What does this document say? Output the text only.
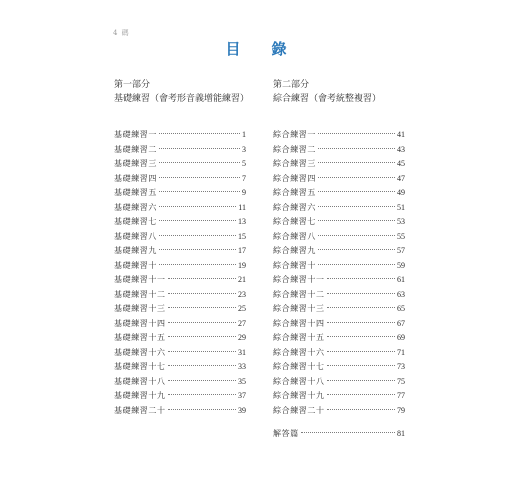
4 碼
目　錄
第一部分
基礎練習（會考形音義增能練習）
基礎練習一	1
基礎練習二	3
基礎練習三	5
基礎練習四	7
基礎練習五	9
基礎練習六	11
基礎練習七	13
基礎練習八	15
基礎練習九	17
基礎練習十	19
基礎練習十一	21
基礎練習十二	23
基礎練習十三	25
基礎練習十四	27
基礎練習十五	29
基礎練習十六	31
基礎練習十七	33
基礎練習十八	35
基礎練習十九	37
基礎練習二十	39
第二部分
綜合練習（會考統整複習）
綜合練習一	41
綜合練習二	43
綜合練習三	45
綜合練習四	47
綜合練習五	49
綜合練習六	51
綜合練習七	53
綜合練習八	55
綜合練習九	57
綜合練習十	59
綜合練習十一	61
綜合練習十二	63
綜合練習十三	65
綜合練習十四	67
綜合練習十五	69
綜合練習十六	71
綜合練習十七	73
綜合練習十八	75
綜合練習十九	77
綜合練習二十	79
解答篇	81
